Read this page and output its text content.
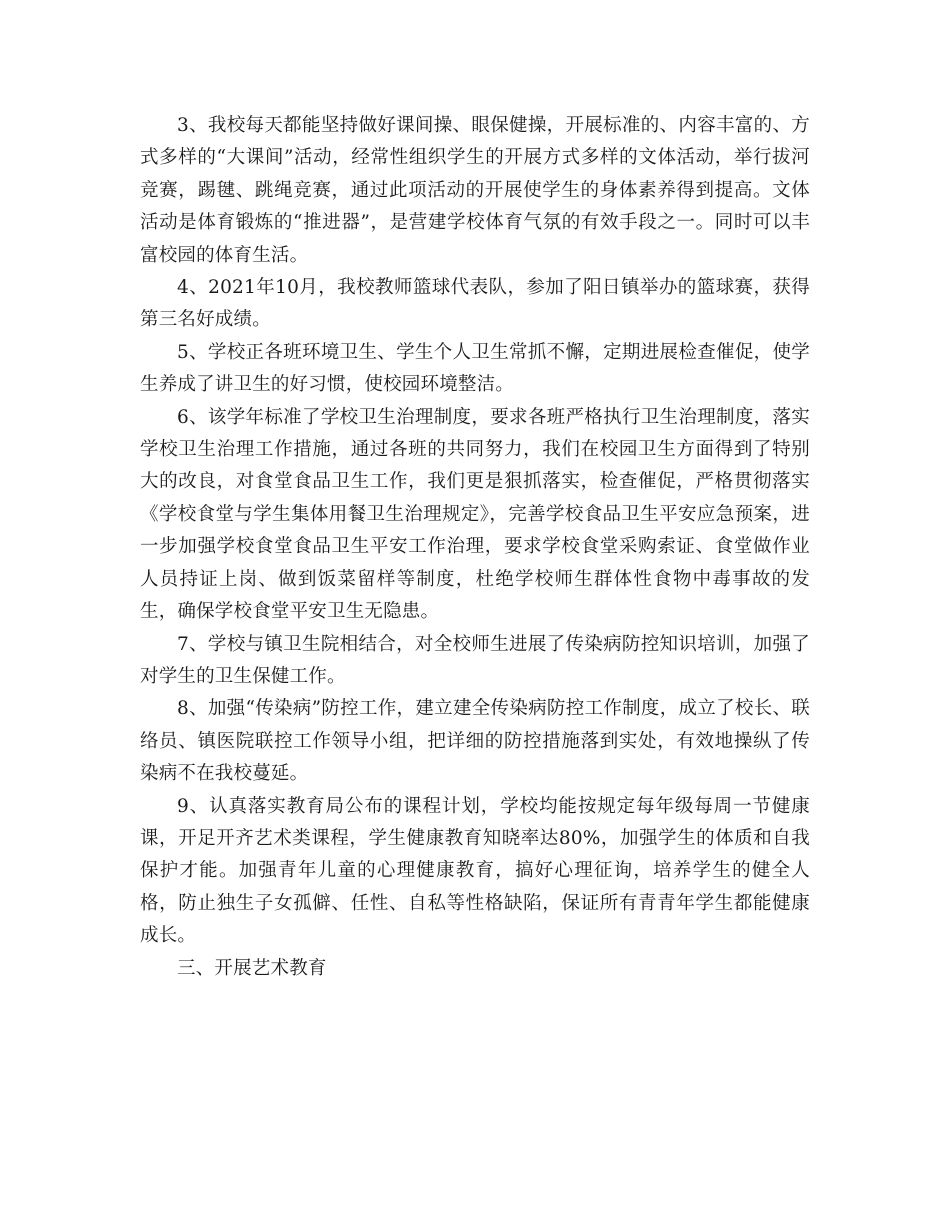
3、我校每天都能坚持做好课间操、眼保健操，开展标准的、内容丰富的、方式多样的“大课间”活动，经常性组织学生的开展方式多样的文体活动，举行拔河竞赛，踢毽、跳绳竞赛，通过此项活动的开展使学生的身体素养得到提高。文体活动是体育锻炼的“推进器”，是营建学校体育气氛的有效手段之一。同时可以丰富校园的体育生活。

4、2021年10月，我校教师篮球代表队，参加了阳日镇举办的篮球赛，获得第三名好成绩。

5、学校正各班环境卫生、学生个人卫生常抓不懈，定期进展检查催促，使学生养成了讲卫生的好习惯，使校园环境整洁。

6、该学年标准了学校卫生治理制度，要求各班严格执行卫生治理制度，落实学校卫生治理工作措施，通过各班的共同努力，我们在校园卫生方面得到了特别大的改良，对食堂食品卫生工作，我们更是狠抓落实，检查催促，严格贯彻落实《学校食堂与学生集体用餐卫生治理规定》，完善学校食品卫生平安应急预案，进一步加强学校食堂食品卫生平安工作治理，要求学校食堂采购索证、食堂做作业人员持证上岗、做到饭菜留样等制度，杜绝学校师生群体性食物中毒事故的发生，确保学校食堂平安卫生无隐患。

7、学校与镇卫生院相结合，对全校师生进展了传染病防控知识培训，加强了对学生的卫生保健工作。

8、加强“传染病”防控工作，建立建全传染病防控工作制度，成立了校长、联络员、镇医院联控工作领导小组，把详细的防控措施落到实处，有效地操纵了传染病不在我校蔓延。

9、认真落实教育局公布的课程计划，学校均能按规定每年级每周一节健康课，开足开齐艺术类课程，学生健康教育知晓率达80%，加强学生的体质和自我保护才能。加强青年儿童的心理健康教育，搞好心理征询，培养学生的健全人格，防止独生子女孤僻、任性、自私等性格缺陷，保证所有青青年学生都能健康成长。

三、开展艺术教育
